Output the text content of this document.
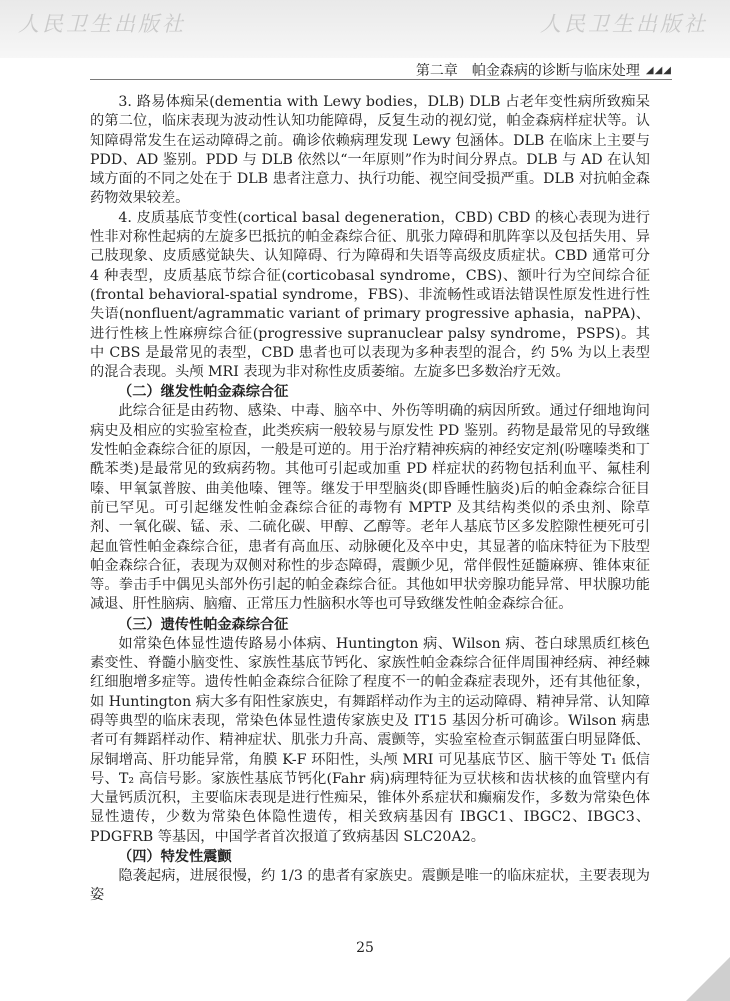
人民卫生出版社	人民卫生出版社
第二章 帕金森病的诊断与临床处理 ◢◢◢

3. 路易体痴呆(dementia with Lewy bodies，DLB) DLB 占老年变性病所致痴呆的第二位，临床表现为波动性认知功能障碍，反复生动的视幻觉，帕金森病样症状等。认知障碍常发生在运动障碍之前。确诊依赖病理发现 Lewy 包涵体。DLB 在临床上主要与 PDD、AD 鉴别。PDD 与 DLB 依然以“一年原则”作为时间分界点。DLB 与 AD 在认知域方面的不同之处在于 DLB 患者注意力、执行功能、视空间受损严重。DLB 对抗帕金森药物效果较差。

4. 皮质基底节变性(cortical basal degeneration，CBD) CBD 的核心表现为进行性非对称性起病的左旋多巴抵抗的帕金森综合征、肌张力障碍和肌阵挛以及包括失用、异己肢现象、皮质感觉缺失、认知障碍、行为障碍和失语等高级皮质症状。CBD 通常可分 4 种表型，皮质基底节综合征(corticobasal syndrome，CBS)、额叶行为空间综合征(frontal behavioral-spatial syndrome，FBS)、非流畅性或语法错误性原发性进行性失语(nonfluent/agrammatic variant of primary progressive aphasia，naPPA)、进行性核上性麻痹综合征(progressive supranuclear palsy syndrome，PSPS)。其中 CBS 是最常见的表型，CBD 患者也可以表现为多种表型的混合，约 5% 为以上表型的混合表现。头颅 MRI 表现为非对称性皮质萎缩。左旋多巴多数治疗无效。

（二）继发性帕金森综合征

此综合征是由药物、感染、中毒、脑卒中、外伤等明确的病因所致。通过仔细地询问病史及相应的实验室检查，此类疾病一般较易与原发性 PD 鉴别。药物是最常见的导致继发性帕金森综合征的原因，一般是可逆的。用于治疗精神疾病的神经安定剂(吩噻嗪类和丁酰苯类)是最常见的致病药物。其他可引起或加重 PD 样症状的药物包括利血平、氟桂利嗪、甲氧氯普胺、曲美他嗪、锂等。继发于甲型脑炎(即昏睡性脑炎)后的帕金森综合征目前已罕见。可引起继发性帕金森综合征的毒物有 MPTP 及其结构类似的杀虫剂、除草剂、一氧化碳、锰、汞、二硫化碳、甲醇、乙醇等。老年人基底节区多发腔隙性梗死可引起血管性帕金森综合征，患者有高血压、动脉硬化及卒中史，其显著的临床特征为下肢型帕金森综合征，表现为双侧对称性的步态障碍，震颤少见，常伴假性延髓麻痹、锥体束征等。拳击手中偶见头部外伤引起的帕金森综合征。其他如甲状旁腺功能异常、甲状腺功能减退、肝性脑病、脑瘤、正常压力性脑积水等也可导致继发性帕金森综合征。

（三）遗传性帕金森综合征

如常染色体显性遗传路易小体病、Huntington 病、Wilson 病、苍白球黑质红核色素变性、脊髓小脑变性、家族性基底节钙化、家族性帕金森综合征伴周围神经病、神经棘红细胞增多症等。遗传性帕金森综合征除了程度不一的帕金森症表现外，还有其他征象，如 Huntington 病大多有阳性家族史，有舞蹈样动作为主的运动障碍、精神异常、认知障碍等典型的临床表现，常染色体显性遗传家族史及 IT15 基因分析可确诊。Wilson 病患者可有舞蹈样动作、精神症状、肌张力升高、震颤等，实验室检查示铜蓝蛋白明显降低、尿铜增高、肝功能异常，角膜 K-F 环阳性，头颅 MRI 可见基底节区、脑干等处 T₁ 低信号、T₂ 高信号影。家族性基底节钙化(Fahr 病)病理特征为豆状核和齿状核的血管壁内有大量钙质沉积，主要临床表现是进行性痴呆，锥体外系症状和癫痫发作，多数为常染色体显性遗传，少数为常染色体隐性遗传，相关致病基因有 IBGC1、IBGC2、IBGC3、PDGFRB 等基因，中国学者首次报道了致病基因 SLC20A2。

（四）特发性震颤

隐袭起病，进展很慢，约 1/3 的患者有家族史。震颤是唯一的临床症状，主要表现为姿

25
